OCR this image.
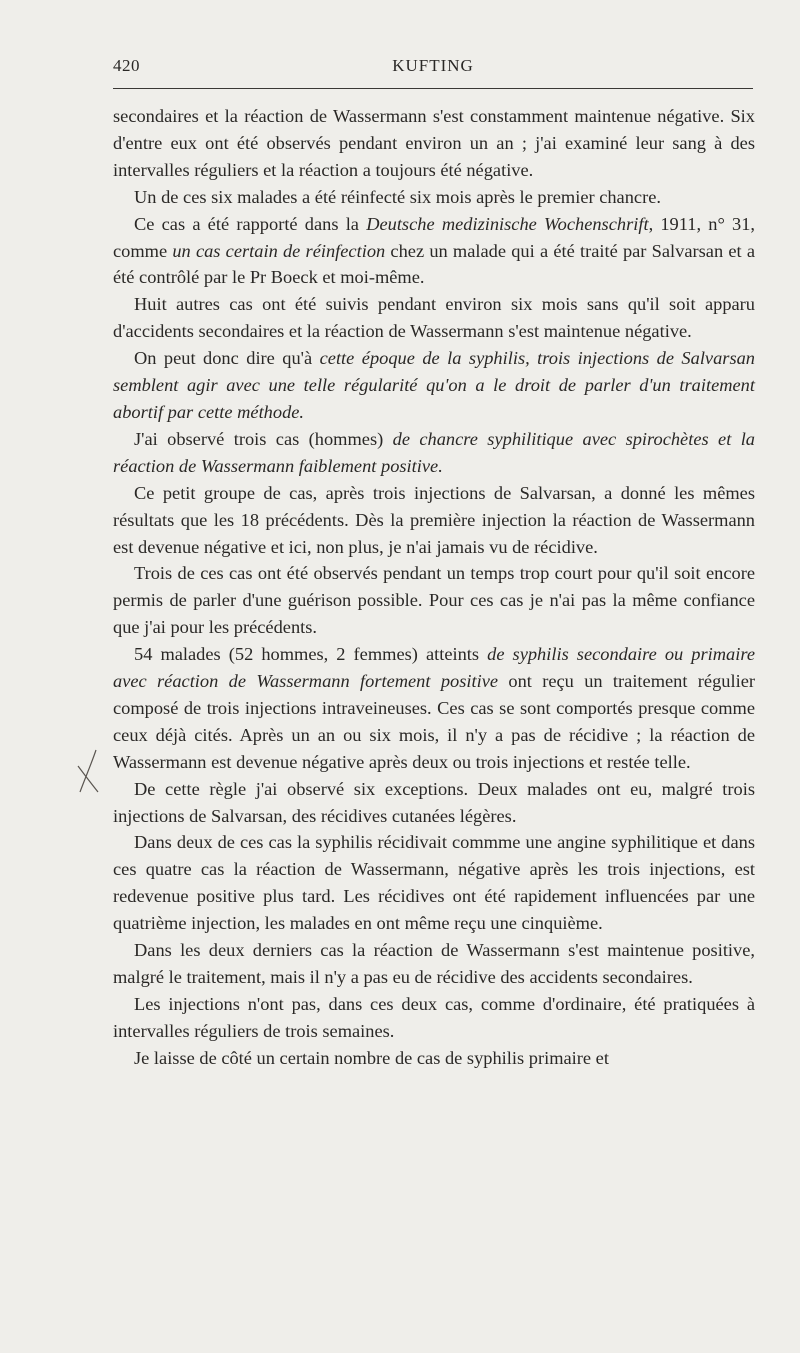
420	KUFTING

secondaires et la réaction de Wassermann s'est constamment maintenue négative. Six d'entre eux ont été observés pendant environ un an ; j'ai examiné leur sang à des intervalles réguliers et la réaction a toujours été négative.

Un de ces six malades a été réinfecté six mois après le premier chancre.

Ce cas a été rapporté dans la Deutsche medizinische Wochenschrift, 1911, n° 31, comme un cas certain de réinfection chez un malade qui a été traité par Salvarsan et a été contrôlé par le Pr Boeck et moi-même.

Huit autres cas ont été suivis pendant environ six mois sans qu'il soit apparu d'accidents secondaires et la réaction de Wassermann s'est maintenue négative.

On peut donc dire qu'à cette époque de la syphilis, trois injections de Salvarsan semblent agir avec une telle régularité qu'on a le droit de parler d'un traitement abortif par cette méthode.

J'ai observé trois cas (hommes) de chancre syphilitique avec spirochètes et la réaction de Wassermann faiblement positive.

Ce petit groupe de cas, après trois injections de Salvarsan, a donné les mêmes résultats que les 18 précédents. Dès la première injection la réaction de Wassermann est devenue négative et ici, non plus, je n'ai jamais vu de récidive.

Trois de ces cas ont été observés pendant un temps trop court pour qu'il soit encore permis de parler d'une guérison possible. Pour ces cas je n'ai pas la même confiance que j'ai pour les précédents.

54 malades (52 hommes, 2 femmes) atteints de syphilis secondaire ou primaire avec réaction de Wassermann fortement positive ont reçu un traitement régulier composé de trois injections intraveineuses. Ces cas se sont comportés presque comme ceux déjà cités. Après un an ou six mois, il n'y a pas de récidive ; la réaction de Wassermann est devenue négative après deux ou trois injections et restée telle.

De cette règle j'ai observé six exceptions. Deux malades ont eu, malgré trois injections de Salvarsan, des récidives cutanées légères.

Dans deux de ces cas la syphilis récidivait commme une angine syphilitique et dans ces quatre cas la réaction de Wassermann, négative après les trois injections, est redevenue positive plus tard. Les récidives ont été rapidement influencées par une quatrième injection, les malades en ont même reçu une cinquième.

Dans les deux derniers cas la réaction de Wassermann s'est maintenue positive, malgré le traitement, mais il n'y a pas eu de récidive des accidents secondaires.

Les injections n'ont pas, dans ces deux cas, comme d'ordinaire, été pratiquées à intervalles réguliers de trois semaines.

Je laisse de côté un certain nombre de cas de syphilis primaire et
